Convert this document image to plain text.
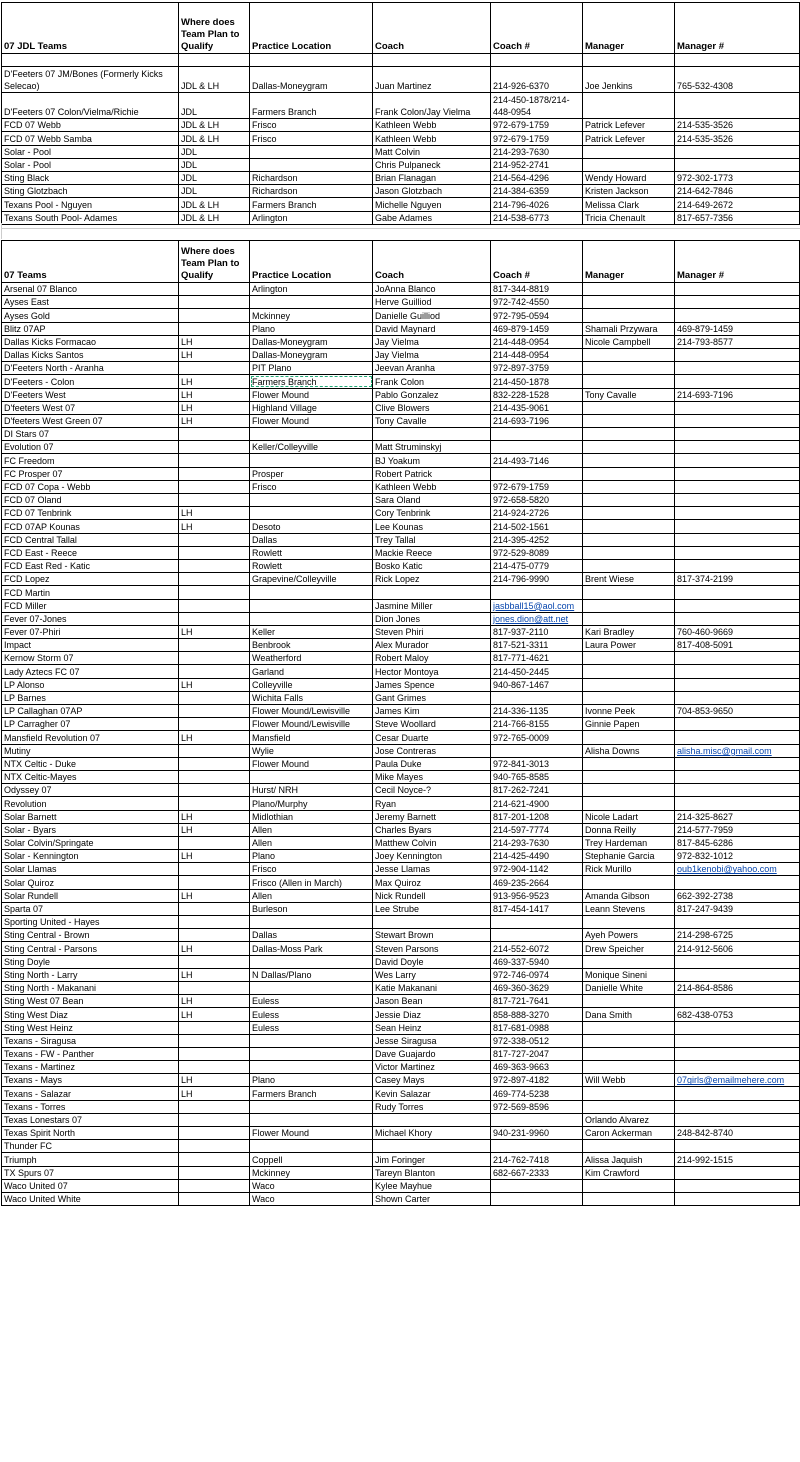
07 JDL Teams	Where does Team Plan to Qualify	Practice Location	Coach	Coach #	Manager	Manager #

D'Feeters 07 JM/Bones (Formerly Kicks Selecao)	JDL & LH	Dallas-Moneygram	Juan Martinez	214-926-6370	Joe Jenkins	765-532-4308
D'Feeters 07 Colon/Vielma/Richie	JDL	Farmers Branch	Frank Colon/Jay Vielma	214-450-1878/214-448-0954		
FCD 07 Webb	JDL & LH	Frisco	Kathleen Webb	972-679-1759	Patrick Lefever	214-535-3526
FCD 07 Webb Samba	JDL & LH	Frisco	Kathleen Webb	972-679-1759	Patrick Lefever	214-535-3526
Solar - Pool	JDL		Matt Colvin	214-293-7630		
Solar - Pool	JDL		Chris Pulpaneck	214-952-2741		
Sting Black	JDL	Richardson	Brian Flanagan	214-564-4296	Wendy Howard	972-302-1773
Sting Glotzbach	JDL	Richardson	Jason Glotzbach	214-384-6359	Kristen Jackson	214-642-7846
Texans Pool - Nguyen	JDL & LH	Farmers Branch	Michelle Nguyen	214-796-4026	Melissa Clark	214-649-2672
Texans South Pool- Adames	JDL & LH	Arlington	Gabe Adames	214-538-6773	Tricia Chenault	817-657-7356
07 Teams	Where does Team Plan to Qualify	Practice Location	Coach	Coach #	Manager	Manager #
Arsenal 07 Blanco		Arlington	JoAnna Blanco	817-344-8819		
Ayses East			Herve Guilliod	972-742-4550		
Ayses Gold		Mckinney	Danielle Guilliod	972-795-0594		
Blitz 07AP		Plano	David Maynard	469-879-1459	Shamali Przywara	469-879-1459
Dallas Kicks Formacao	LH	Dallas-Moneygram	Jay Vielma	214-448-0954	Nicole Campbell	214-793-8577
Dallas Kicks Santos	LH	Dallas-Moneygram	Jay Vielma	214-448-0954		
D'Feeters North - Aranha		PIT Plano	Jeevan Aranha	972-897-3759		
D'Feeters - Colon	LH	Farmers Branch	Frank Colon	214-450-1878		
D'Feeters West	LH	Flower Mound	Pablo Gonzalez	832-228-1528	Tony Cavalle	214-693-7196
D'feeters West 07	LH	Highland Village	Clive Blowers	214-435-9061		
D'feeters West Green 07	LH	Flower Mound	Tony Cavalle	214-693-7196		
DI Stars 07						
Evolution 07		Keller/Colleyville	Matt Struminskyj			
FC Freedom			BJ Yoakum	214-493-7146		
FC Prosper 07		Prosper	Robert Patrick			
FCD 07 Copa - Webb		Frisco	Kathleen Webb	972-679-1759		
FCD 07 Oland			Sara Oland	972-658-5820		
FCD 07 Tenbrink	LH		Cory Tenbrink	214-924-2726		
FCD 07AP Kounas	LH	Desoto	Lee Kounas	214-502-1561		
FCD Central Tallal		Dallas	Trey Tallal	214-395-4252		
FCD East - Reece		Rowlett	Mackie Reece	972-529-8089		
FCD East Red - Katic		Rowlett	Bosko Katic	214-475-0779		
FCD Lopez		Grapevine/Colleyville	Rick Lopez	214-796-9990	Brent Wiese	817-374-2199
FCD Martin						
FCD Miller			Jasmine Miller	jasbball15@aol.com		
Fever 07-Jones			Dion Jones	jones.dion@att.net		
Fever 07-Phiri	LH	Keller	Steven Phiri	817-937-2110	Kari Bradley	760-460-9669
Impact		Benbrook	Alex Murador	817-521-3311	Laura Power	817-408-5091
Kernow Storm 07		Weatherford	Robert Maloy	817-771-4621		
Lady Aztecs FC 07		Garland	Hector Montoya	214-450-2445		
LP Alonso	LH	Colleyville	James Spence	940-867-1467		
LP Barnes		Wichita Falls	Gant Grimes			
LP Callaghan 07AP		Flower Mound/Lewisville	James Kim	214-336-1135	Ivonne Peek	704-853-9650
LP Carragher 07		Flower Mound/Lewisville	Steve Woollard	214-766-8155	Ginnie Papen	
Mansfield Revolution 07	LH	Mansfield	Cesar Duarte	972-765-0009		
Mutiny		Wylie	Jose Contreras		Alisha Downs	alisha.misc@gmail.com
NTX Celtic - Duke		Flower Mound	Paula Duke	972-841-3013		
NTX Celtic-Mayes			Mike Mayes	940-765-8585		
Odyssey 07		Hurst/ NRH	Cecil Noyce-?	817-262-7241		
Revolution		Plano/Murphy	Ryan	214-621-4900		
Solar Barnett	LH	Midlothian	Jeremy Barnett	817-201-1208	Nicole Ladart	214-325-8627
Solar - Byars	LH	Allen	Charles Byars	214-597-7774	Donna Reilly	214-577-7959
Solar Colvin/Springate		Allen	Matthew Colvin	214-293-7630	Trey Hardeman	817-845-6286
Solar - Kennington	LH	Plano	Joey Kennington	214-425-4490	Stephanie Garcia	972-832-1012
Solar Llamas		Frisco	Jesse Llamas	972-904-1142	Rick Murillo	oub1kenobi@yahoo.com
Solar Quiroz		Frisco (Allen in March)	Max Quiroz	469-235-2664		
Solar Rundell	LH	Allen	Nick Rundell	913-956-9523	Amanda Gibson	662-392-2738
Sparta 07		Burleson	Lee Strube	817-454-1417	Leann Stevens	817-247-9439
Sporting United - Hayes						
Sting Central - Brown		Dallas	Stewart Brown		Ayeh Powers	214-298-6725
Sting Central - Parsons	LH	Dallas-Moss Park	Steven Parsons	214-552-6072	Drew Speicher	214-912-5606
Sting Doyle			David Doyle	469-337-5940		
Sting North - Larry	LH	N Dallas/Plano	Wes Larry	972-746-0974	Monique Sineni	
Sting North - Makanani			Katie Makanani	469-360-3629	Danielle White	214-864-8586
Sting West 07 Bean	LH	Euless	Jason Bean	817-721-7641		
Sting West Diaz	LH	Euless	Jessie Diaz	858-888-3270	Dana Smith	682-438-0753
Sting West Heinz		Euless	Sean Heinz	817-681-0988		
Texans - Siragusa			Jesse Siragusa	972-338-0512		
Texans - FW - Panther			Dave Guajardo	817-727-2047		
Texans - Martinez			Victor Martinez	469-363-9663		
Texans - Mays	LH	Plano	Casey Mays	972-897-4182	Will Webb	07girls@emailmehere.com
Texans - Salazar	LH	Farmers Branch	Kevin Salazar	469-774-5238		
Texans - Torres			Rudy Torres	972-569-8596		
Texas Lonestars 07					Orlando Alvarez	
Texas Spirit North		Flower Mound	Michael Khory	940-231-9960	Caron Ackerman	248-842-8740
Thunder FC						
Triumph		Coppell	Jim Foringer	214-762-7418	Alissa Jaquish	214-992-1515
TX Spurs 07		Mckinney	Tareyn Blanton	682-667-2333	Kim Crawford	
Waco United 07		Waco	Kylee Mayhue			
Waco United White		Waco	Shown Carter			
